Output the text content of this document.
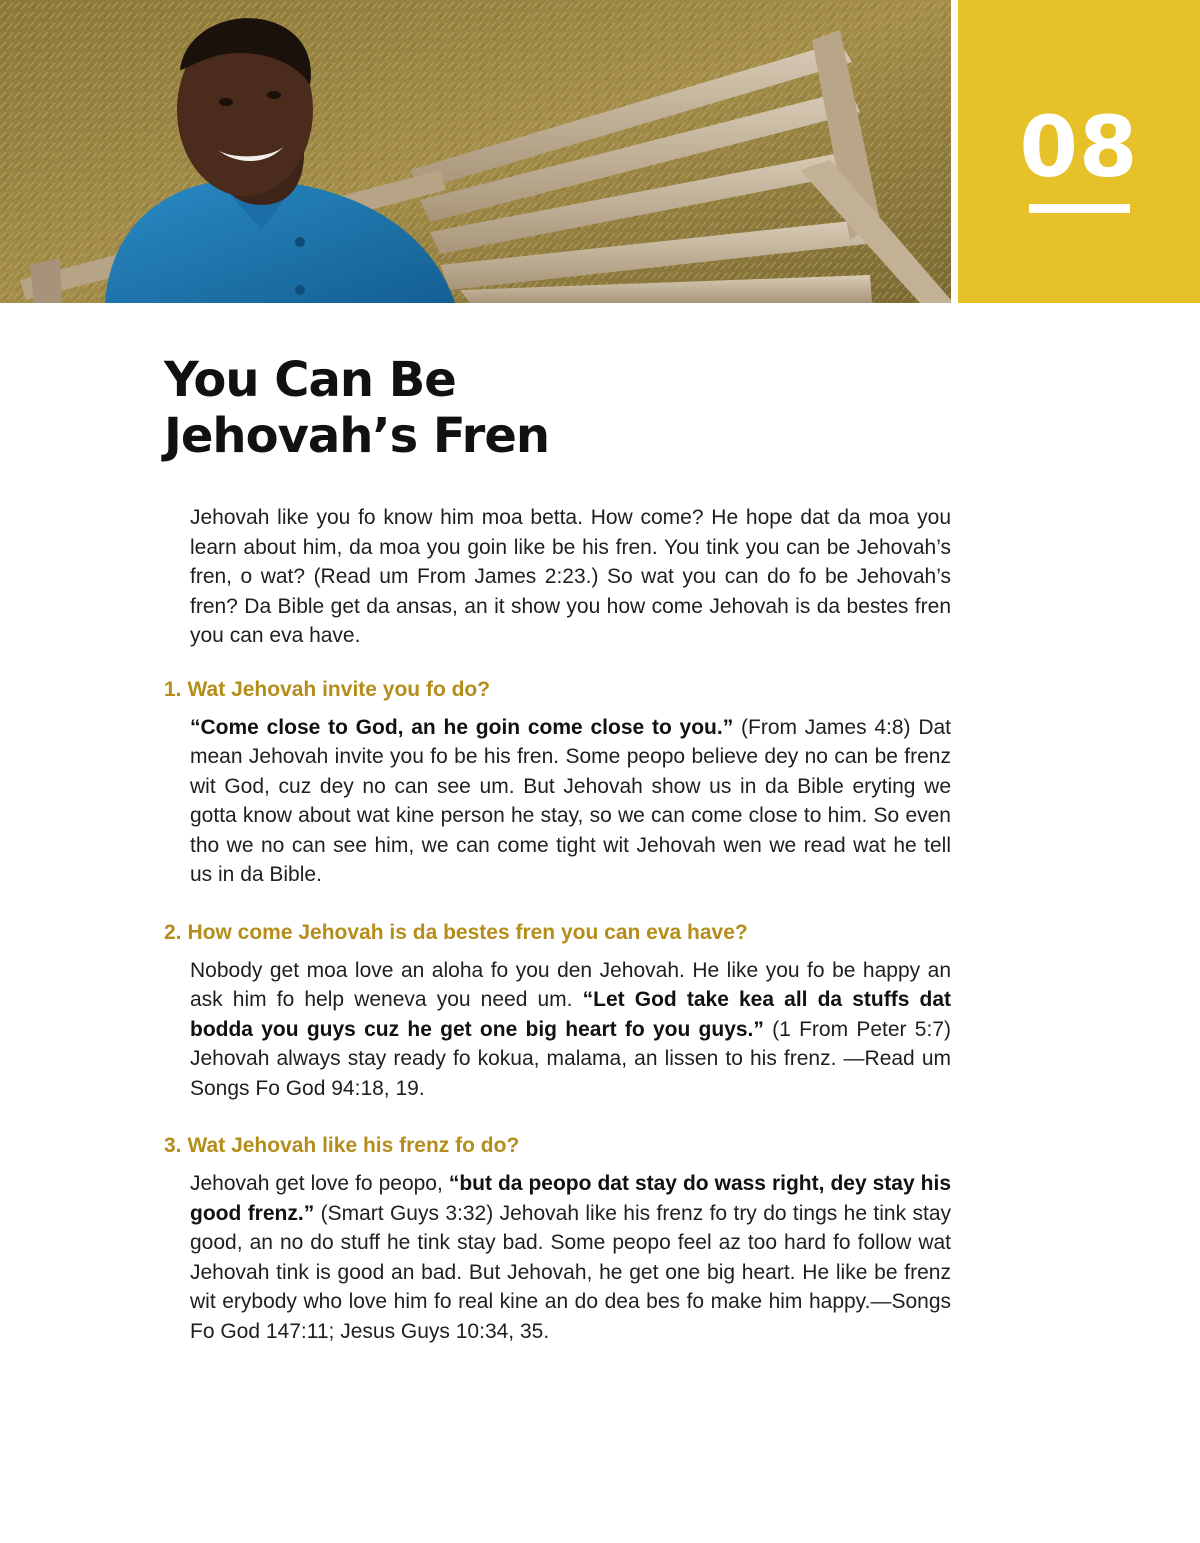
08
You Can Be
Jehovah’s Fren

Jehovah like you fo know him moa betta. How come? He hope dat da moa you learn about him, da moa you goin like be his fren. You tink you can be Jehovah’s fren, o wat? (Read um From James 2:23.) So wat you can do fo be Jehovah’s fren? Da Bible get da ansas, an it show you how come Jehovah is da bestes fren you can eva have.

1. Wat Jehovah invite you fo do?

“Come close to God, an he goin come close to you.” (From James 4:8) Dat mean Jehovah invite you fo be his fren. Some peopo believe dey no can be frenz wit God, cuz dey no can see um. But Jehovah show us in da Bible eryting we gotta know about wat kine person he stay, so we can come close to him. So even tho we no can see him, we can come tight wit Jehovah wen we read wat he tell us in da Bible.

2. How come Jehovah is da bestes fren you can eva have?

Nobody get moa love an aloha fo you den Jehovah. He like you fo be happy an ask him fo help weneva you need um. “Let God take kea all da stuffs dat bodda you guys cuz he get one big heart fo you guys.” (1 From Peter 5:7) Jehovah always stay ready fo kokua, malama, an lissen to his frenz. —Read um Songs Fo God 94:18, 19.

3. Wat Jehovah like his frenz fo do?

Jehovah get love fo peopo, “but da peopo dat stay do wass right, dey stay his good frenz.” (Smart Guys 3:32) Jehovah like his frenz fo try do tings he tink stay good, an no do stuff he tink stay bad. Some peopo feel az too hard fo follow wat Jehovah tink is good an bad. But Jehovah, he get one big heart. He like be frenz wit erybody who love him fo real kine an do dea bes fo make him happy.—Songs Fo God 147:11; Jesus Guys 10:34, 35.
